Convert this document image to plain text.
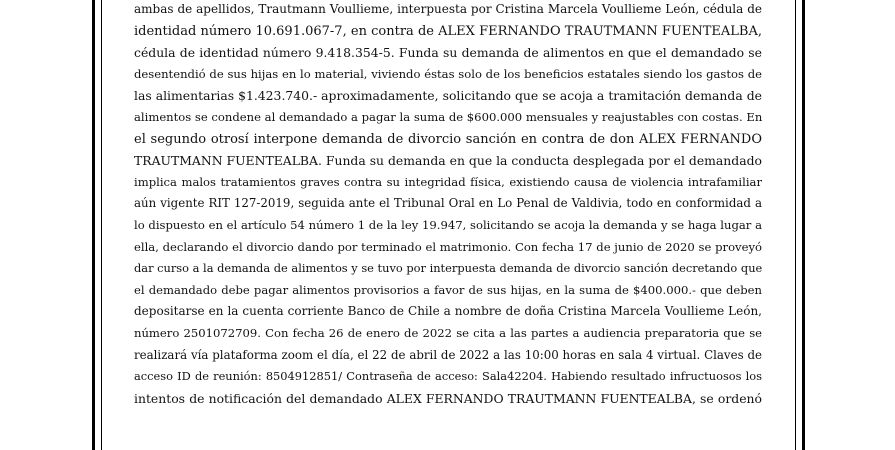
ambas de apellidos, Trautmann Voullieme, interpuesta por Cristina Marcela Voullieme León, cédula de
identidad número 10.691.067-7, en contra de ALEX FERNANDO TRAUTMANN FUENTEALBA,
cédula de identidad número 9.418.354-5. Funda su demanda de alimentos en que el demandado se
desentendió de sus hijas en lo material, viviendo éstas solo de los beneficios estatales siendo los gastos de
las alimentarias $1.423.740.- aproximadamente, solicitando que se acoja a tramitación demanda de
alimentos se condene al demandado a pagar la suma de $600.000 mensuales y reajustables con costas. En
el segundo otrosí interpone demanda de divorcio sanción en contra de don ALEX FERNANDO
TRAUTMANN FUENTEALBA. Funda su demanda en que la conducta desplegada por el demandado
implica malos tratamientos graves contra su integridad física, existiendo causa de violencia intrafamiliar
aún vigente RIT 127-2019, seguida ante el Tribunal Oral en Lo Penal de Valdivia, todo en conformidad a
lo dispuesto en el artículo 54 número 1 de la ley 19.947, solicitando se acoja la demanda y se haga lugar a
ella, declarando el divorcio dando por terminado el matrimonio. Con fecha 17 de junio de 2020 se proveyó
dar curso a la demanda de alimentos y se tuvo por interpuesta demanda de divorcio sanción decretando que
el demandado debe pagar alimentos provisorios a favor de sus hijas, en la suma de $400.000.- que deben
depositarse en la cuenta corriente Banco de Chile a nombre de doña Cristina Marcela Voullieme León,
número 2501072709. Con fecha 26 de enero de 2022 se cita a las partes a audiencia preparatoria que se
realizará vía plataforma zoom el día, el 22 de abril de 2022 a las 10:00 horas en sala 4 virtual. Claves de
acceso ID de reunión: 8504912851/ Contraseña de acceso: Sala42204. Habiendo resultado infructuosos los
intentos de notificación del demandado ALEX FERNANDO TRAUTMANN FUENTEALBA, se ordenó
